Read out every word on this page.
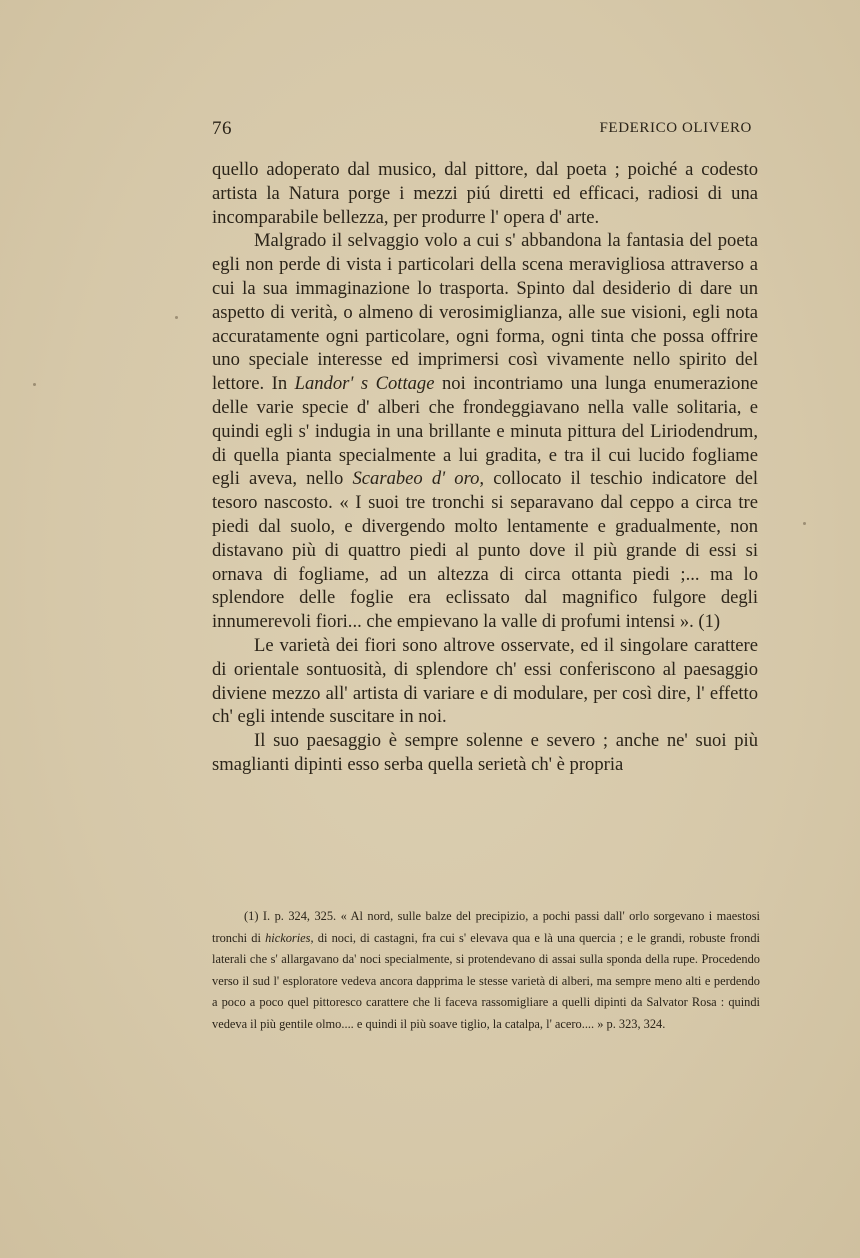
76	FEDERICO OLIVERO

quello adoperato dal musico, dal pittore, dal poeta ; poiché a codesto artista la Natura porge i mezzi piú diretti ed efficaci, radiosi di una incomparabile bellezza, per produrre l' opera d' arte.

Malgrado il selvaggio volo a cui s' abbandona la fantasia del poeta egli non perde di vista i particolari della scena meravigliosa attraverso a cui la sua immaginazione lo trasporta. Spinto dal desiderio di dare un aspetto di verità, o almeno di verosimiglianza, alle sue visioni, egli nota accuratamente ogni particolare, ogni forma, ogni tinta che possa offrire uno speciale interesse ed imprimersi così vivamente nello spirito del lettore. In Landor' s Cottage noi incontriamo una lunga enumerazione delle varie specie d' alberi che frondeggiavano nella valle solitaria, e quindi egli s' indugia in una brillante e minuta pittura del Liriodendrum, di quella pianta specialmente a lui gradita, e tra il cui lucido fogliame egli aveva, nello Scarabeo d' oro, collocato il teschio indicatore del tesoro nascosto. « I suoi tre tronchi si separavano dal ceppo a circa tre piedi dal suolo, e divergendo molto lentamente e gradualmente, non distavano più di quattro piedi al punto dove il più grande di essi si ornava di fogliame, ad un altezza di circa ottanta piedi ;... ma lo splendore delle foglie era eclissato dal magnifico fulgore degli innumerevoli fiori... che empievano la valle di profumi intensi ». (1)

Le varietà dei fiori sono altrove osservate, ed il singolare carattere di orientale sontuosità, di splendore ch' essi conferiscono al paesaggio diviene mezzo all' artista di variare e di modulare, per così dire, l' effetto ch' egli intende suscitare in noi.

Il suo paesaggio è sempre solenne e severo ; anche ne' suoi più smaglianti dipinti esso serba quella serietà ch' è propria

(1) I. p. 324, 325. « Al nord, sulle balze del precipizio, a pochi passi dall' orlo sorgevano i maestosi tronchi di hickories, di noci, di castagni, fra cui s' elevava qua e là una quercia ; e le grandi, robuste frondi laterali che s' allargavano da' noci specialmente, si protendevano di assai sulla sponda della rupe. Procedendo verso il sud l' esploratore vedeva ancora dapprima le stesse varietà di alberi, ma sempre meno alti e perdendo a poco a poco quel pittoresco carattere che li faceva rassomigliare a quelli dipinti da Salvator Rosa : quindi vedeva il più gentile olmo.... e quindi il più soave tiglio, la catalpa, l' acero.... » p. 323, 324.
